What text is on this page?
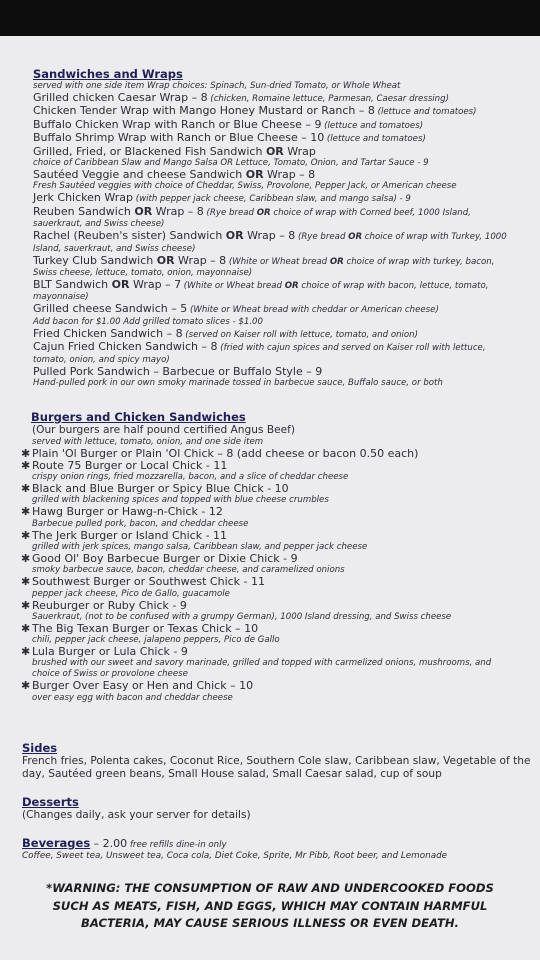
Sandwiches and Wraps
served with one side item Wrap choices: Spinach, Sun-dried Tomato, or Whole Wheat
Grilled chicken Caesar Wrap – 8 (chicken, Romaine lettuce, Parmesan, Caesar dressing)
Chicken Tender Wrap with Mango Honey Mustard or Ranch – 8 (lettuce and tomatoes)
Buffalo Chicken Wrap with Ranch or Blue Cheese – 9 (lettuce and tomatoes)
Buffalo Shrimp Wrap with Ranch or Blue Cheese – 10 (lettuce and tomatoes)
Grilled, Fried, or Blackened Fish Sandwich OR Wrap
choice of Caribbean Slaw and Mango Salsa OR Lettuce, Tomato, Onion, and Tartar Sauce - 9
Sautéed Veggie and cheese Sandwich OR Wrap – 8
Fresh Sautéed veggies with choice of Cheddar, Swiss, Provolone, Pepper Jack, or American cheese
Jerk Chicken Wrap (with pepper jack cheese, Caribbean slaw, and mango salsa) - 9
Reuben Sandwich OR Wrap – 8 (Rye bread OR choice of wrap with Corned beef, 1000 Island,
sauerkraut, and Swiss cheese)
Rachel (Reuben's sister) Sandwich OR Wrap – 8 (Rye bread OR choice of wrap with Turkey, 1000
Island, sauerkraut, and Swiss cheese)
Turkey Club Sandwich OR Wrap – 8 (White or Wheat bread OR choice of wrap with turkey, bacon,
Swiss cheese, lettuce, tomato, onion, mayonnaise)
BLT Sandwich OR Wrap – 7 (White or Wheat bread OR choice of wrap with bacon, lettuce, tomato,
mayonnaise)
Grilled cheese Sandwich – 5 (White or Wheat bread with cheddar or American cheese)
Add bacon for $1.00 Add grilled tomato slices - $1.00
Fried Chicken Sandwich – 8 (served on Kaiser roll with lettuce, tomato, and onion)
Cajun Fried Chicken Sandwich – 8 (fried with cajun spices and served on Kaiser roll with lettuce,
tomato, onion, and spicy mayo)
Pulled Pork Sandwich – Barbecue or Buffalo Style – 9
Hand-pulled pork in our own smoky marinade tossed in barbecue sauce, Buffalo sauce, or both
Burgers and Chicken Sandwiches
(Our burgers are half pound certified Angus Beef)
served with lettuce, tomato, onion, and one side item
✱ Plain 'Ol Burger or Plain 'Ol Chick – 8 (add cheese or bacon 0.50 each)
✱ Route 75 Burger or Local Chick - 11
crispy onion rings, fried mozzarella, bacon, and a slice of cheddar cheese
✱ Black and Blue Burger or Spicy Blue Chick - 10
grilled with blackening spices and topped with blue cheese crumbles
✱ Hawg Burger or Hawg-n-Chick - 12
Barbecue pulled pork, bacon, and cheddar cheese
✱ The Jerk Burger or Island Chick - 11
grilled with jerk spices, mango salsa, Caribbean slaw, and pepper jack cheese
✱ Good Ol' Boy Barbecue Burger or Dixie Chick - 9
smoky barbecue sauce, bacon, cheddar cheese, and caramelized onions
✱ Southwest Burger or Southwest Chick - 11
pepper jack cheese, Pico de Gallo, guacamole
✱ Reuburger or Ruby Chick - 9
Sauerkraut, (not to be confused with a grumpy German), 1000 Island dressing, and Swiss cheese
✱ The Big Texan Burger or Texas Chick – 10
chili, pepper jack cheese, jalapeno peppers, Pico de Gallo
✱ Lula Burger or Lula Chick - 9
brushed with our sweet and savory marinade, grilled and topped with carmelized onions, mushrooms, and
choice of Swiss or provolone cheese
✱ Burger Over Easy or Hen and Chick – 10
over easy egg with bacon and cheddar cheese
Sides
French fries, Polenta cakes, Coconut Rice, Southern Cole slaw, Caribbean slaw, Vegetable of the
day, Sautéed green beans, Small House salad, Small Caesar salad, cup of soup
Desserts
(Changes daily, ask your server for details)
Beverages – 2.00 free refills dine-in only
Coffee, Sweet tea, Unsweet tea, Coca cola, Diet Coke, Sprite, Mr Pibb, Root beer, and Lemonade
*WARNING: THE CONSUMPTION OF RAW AND UNDERCOOKED FOODS
SUCH AS MEATS, FISH, AND EGGS, WHICH MAY CONTAIN HARMFUL
BACTERIA, MAY CAUSE SERIOUS ILLNESS OR EVEN DEATH.
